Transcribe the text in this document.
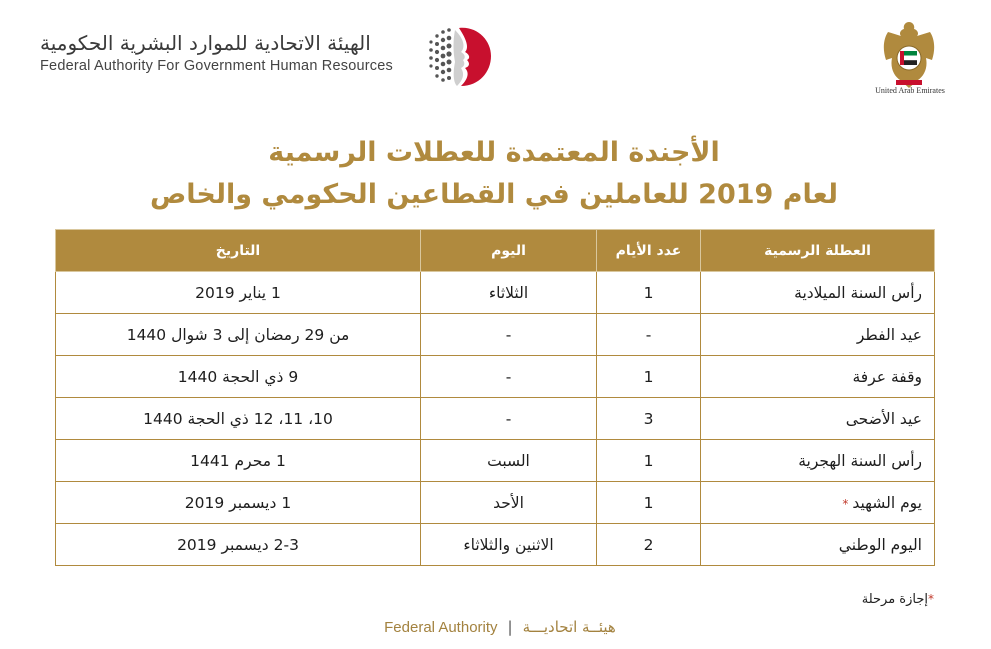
الهيئة الاتحادية للموارد البشرية الحكومية
Federal Authority For Government Human Resources
United Arab Emirates
الأجندة المعتمدة للعطلات الرسمية
لعام 2019 للعاملين في القطاعين الحكومي والخاص
العطلة الرسمية	عدد الأيام	اليوم	التاريخ
رأس السنة الميلادية	1	الثلاثاء	1 يناير 2019
عيد الفطر	-	-	من 29 رمضان إلى 3 شوال 1440
وقفة عرفة	1	-	9 ذي الحجة 1440
عيد الأضحى	3	-	10، 11، 12 ذي الحجة 1440
رأس السنة الهجرية	1	السبت	1 محرم 1441
يوم الشهيد*	1	الأحد	1 ديسمبر 2019
اليوم الوطني	2	الاثنين والثلاثاء	2-3 ديسمبر 2019
*إجازة مرحلة
Federal Authority | هيئــة اتحاديـــة
